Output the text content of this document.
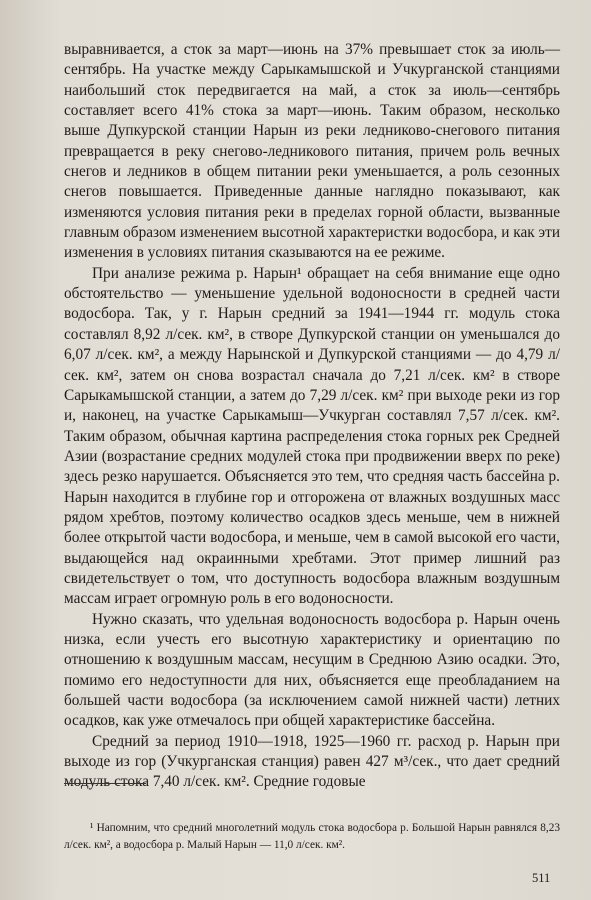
выравнивается, а сток за март—июнь на 37% превышает сток за июль—сентябрь. На участке между Сарыкамышской и Учкурганской станциями наибольший сток передвигается на май, а сток за июль—сентябрь составляет всего 41% стока за март—июнь. Таким образом, несколько выше Дупкурской станции Нарын из реки ледниково-снегового питания превращается в реку снегово-ледникового питания, причем роль вечных снегов и ледников в общем питании реки уменьшается, а роль сезонных снегов повышается. Приведенные данные наглядно показывают, как изменяются условия питания реки в пределах горной области, вызванные главным образом изменением высотной характеристки водосбора, и как эти изменения в условиях питания сказываются на ее режиме.

При анализе режима р. Нарын¹ обращает на себя внимание еще одно обстоятельство — уменьшение удельной водоносности в средней части водосбора. Так, у г. Нарын средний за 1941—1944 гг. модуль стока составлял 8,92 л/сек. км², в створе Дупкурской станции он уменьшался до 6,07 л/сек. км², а между Нарынской и Дупкурской станциями — до 4,79 л/сек. км², затем он снова возрастал сначала до 7,21 л/сек. км² в створе Сарыкамышской станции, а затем до 7,29 л/сек. км² при выходе реки из гор и, наконец, на участке Сарыкамыш—Учкурган составлял 7,57 л/сек. км². Таким образом, обычная картина распределения стока горных рек Средней Азии (возрастание средних модулей стока при продвижении вверх по реке) здесь резко нарушается. Объясняется это тем, что средняя часть бассейна р. Нарын находится в глубине гор и отгорожена от влажных воздушных масс рядом хребтов, поэтому количество осадков здесь меньше, чем в нижней более открытой части водосбора, и меньше, чем в самой высокой его части, выдающейся над окраинными хребтами. Этот пример лишний раз свидетельствует о том, что доступность водосбора влажным воздушным массам играет огромную роль в его водоносности.

Нужно сказать, что удельная водоносность водосбора р. Нарын очень низка, если учесть его высотную характеристику и ориентацию по отношению к воздушным массам, несущим в Среднюю Азию осадки. Это, помимо его недоступности для них, объясняется еще преобладанием на большей части водосбора (за исключением самой нижней части) летних осадков, как уже отмечалось при общей характеристике бассейна.

Средний за период 1910—1918, 1925—1960 гг. расход р. Нарын при выходе из гор (Учкурганская станция) равен 427 м³/сек., что дает средний модуль стока 7,40 л/сек. км². Средние годовые

¹ Напомним, что средний многолетний модуль стока водосбора р. Большой Нарын равнялся 8,23 л/сек. км², а водосбора р. Малый Нарын — 11,0 л/сек. км².

511
